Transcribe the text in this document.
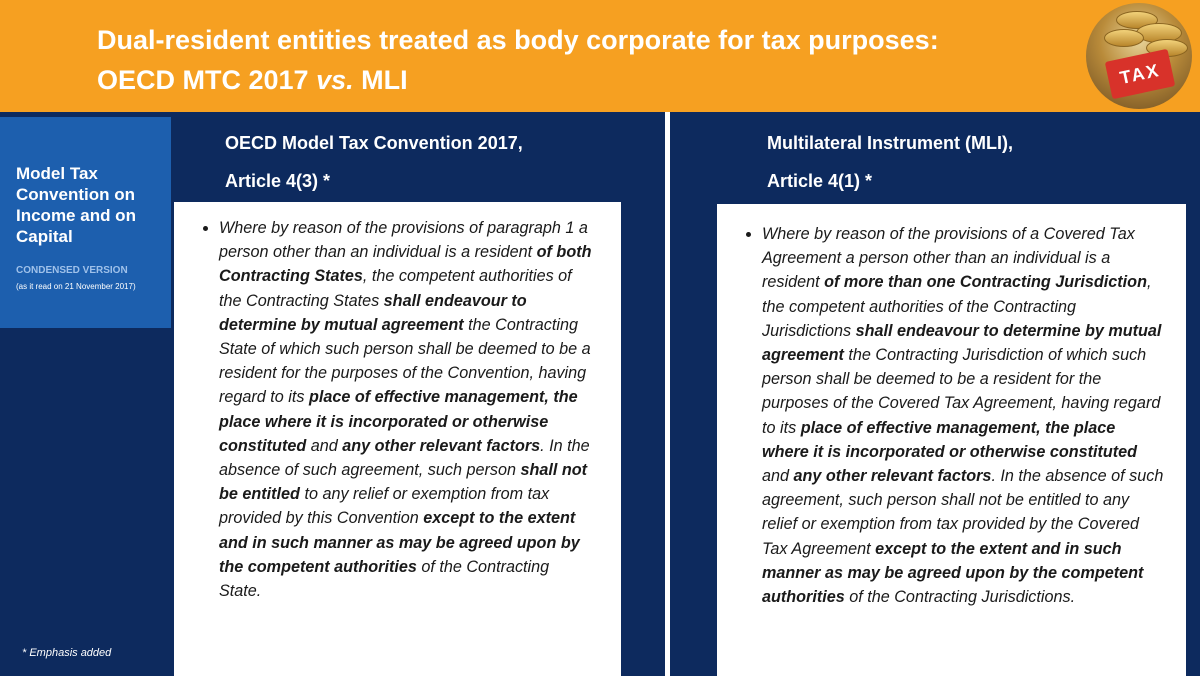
Dual-resident entities treated as body corporate for tax purposes:
OECD MTC 2017 vs. MLI	TAX
Model Tax Convention on Income and on Capital
CONDENSED VERSION
(as it read on 21 November 2017)
* Emphasis added
OECD Model Tax Convention 2017,
Article 4(3) *
• Where by reason of the provisions of paragraph 1 a person other than an individual is a resident of both Contracting States, the competent authorities of the Contracting States shall endeavour to determine by mutual agreement the Contracting State of which such person shall be deemed to be a resident for the purposes of the Convention, having regard to its place of effective management, the place where it is incorporated or otherwise constituted and any other relevant factors. In the absence of such agreement, such person shall not be entitled to any relief or exemption from tax provided by this Convention except to the extent and in such manner as may be agreed upon by the competent authorities of the Contracting State.
Multilateral Instrument (MLI),
Article 4(1) *
• Where by reason of the provisions of a Covered Tax Agreement a person other than an individual is a resident of more than one Contracting Jurisdiction, the competent authorities of the Contracting Jurisdictions shall endeavour to determine by mutual agreement the Contracting Jurisdiction of which such person shall be deemed to be a resident for the purposes of the Covered Tax Agreement, having regard to its place of effective management, the place where it is incorporated or otherwise constituted and any other relevant factors. In the absence of such agreement, such person shall not be entitled to any relief or exemption from tax provided by the Covered Tax Agreement except to the extent and in such manner as may be agreed upon by the competent authorities of the Contracting Jurisdictions.
